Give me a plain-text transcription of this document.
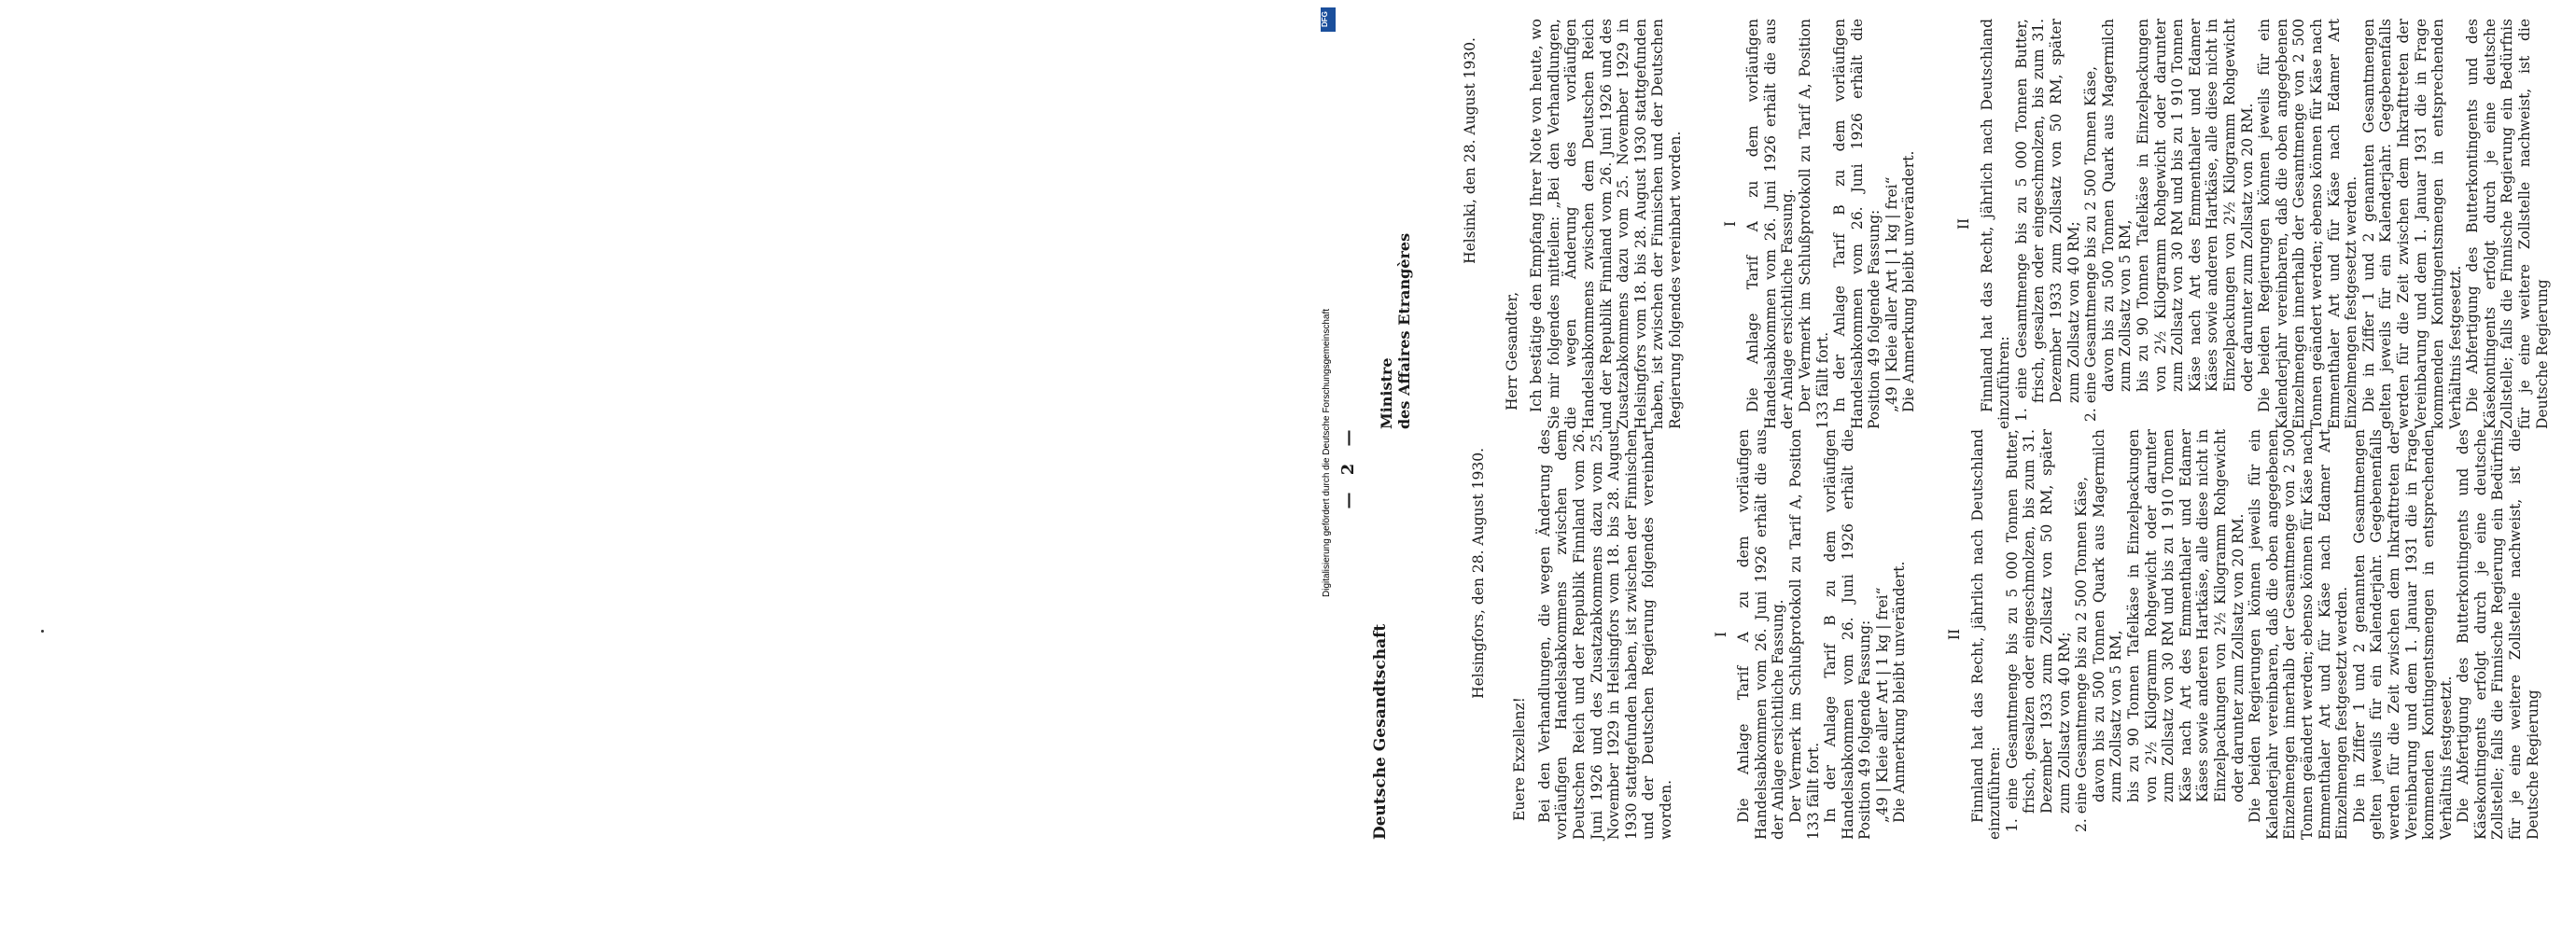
— 2 —
Deutsche Gesandtschaft
Helsingfors, den 28. August 1930.
Euere Exzellenz! Bei den Verhandlungen, die wegen Änderung des vorläufigen Handelsabkommens zwischen dem Deutschen Reich und der Republik Finnland vom 26. Juni 1926 und des Zusatzabkommens dazu vom 25. November 1929 in Helsingfors vom 18. bis 28. August 1930 stattgefunden haben, ist zwischen der Finnischen und der Deutschen Regierung folgendes vereinbart worden.

I Die Anlage Tarif A zu dem vorläufigen Handelsabkommen vom 26. Juni 1926 erhält die aus der Anlage ersichtliche Fassung. Der Vermerk im Schlußprotokoll zu Tarif A, Position 133 fällt fort. In der Anlage Tarif B zu dem vorläufigen Handelsabkommen vom 26. Juni 1926 erhält die Position 49 folgende Fassung: „49 | Kleie aller Art | 1 kg | frei“ Die Anmerkung bleibt unverändert.	II Finnland hat das Recht, jährlich nach Deutschland einzuführen: 1. eine Gesamtmenge bis zu 5 000 Tonnen Butter, frisch, gesalzen oder eingeschmolzen, bis zum 31. Dezember 1933 zum Zollsatz von 50 RM, später zum Zollsatz von 40 RM; 2. eine Gesamtmenge bis zu 2 500 Tonnen Käse, davon bis zu 500 Tonnen Quark aus Magermilch zum Zollsatz von 5 RM, bis zu 90 Tonnen Tafelkäse in Einzelpackungen von 2½ Kilogramm Rohgewicht oder darunter zum Zollsatz von 30 RM und bis zu 1 910 Tonnen Käse nach Art des Emmenthaler und Edamer Käses sowie anderen Hartkäse, alle diese nicht in Einzelpackungen von 2½ Kilogramm Rohgewicht oder darunter zum Zollsatz von 20 RM. Die beiden Regierungen können jeweils für ein Kalenderjahr vereinbaren, daß die oben angegebenen Einzelmengen innerhalb der Gesamtmenge von 2 500 Tonnen geändert werden; ebenso können für Käse nach Emmenthaler Art und für Käse nach Edamer Art Einzelmengen festgesetzt werden. Die in Ziffer 1 und 2 genannten Gesamtmengen gelten jeweils für ein Kalenderjahr. Gegebenenfalls werden für die Zeit zwischen dem Inkrafttreten der Vereinbarung und dem 1. Januar 1931 die in Frage kommenden Kontingentsmengen in entsprechenden Verhältnis festgesetzt. Die Abfertigung des Butterkontingents und des Käsekontingents erfolgt durch je eine deutsche Zollstelle; falls die Finnische Regierung ein Bedürfnis für je eine weitere Zollstelle nachweist, ist die Deutsche Regierung

Ministre des Affaires Etrangères
Helsinki, den 28. August 1930.
Herr Gesandter, Ich bestätige den Empfang Ihrer Note von heute, wo Sie mir folgendes mitteilen: „Bei den Verhandlungen, die wegen Änderung des vorläufigen Handelsabkommens zwischen dem Deutschen Reich und der Republik Finnland vom 26. Juni 1926 und des Zusatzabkommens dazu vom 25. November 1929 in Helsingfors vom 18. bis 28. August 1930 stattgefunden haben, ist zwischen der Finnischen und der Deutschen Regierung folgendes vereinbart worden.	I Die Anlage Tarif A zu dem vorläufigen Handelsabkommen vom 26. Juni 1926 erhält die aus der Anlage ersichtliche Fassung. Der Vermerk im Schlußprotokoll zu Tarif A, Position 133 fällt fort. In der Anlage Tarif B zu dem vorläufigen Handelsabkommen vom 26. Juni 1926 erhält die Position 49 folgende Fassung: „49 | Kleie aller Art | 1 kg | frei“ Die Anmerkung bleibt unverändert.	II Finnland hat das Recht, jährlich nach Deutschland einzuführen: 1. eine Gesamtmenge bis zu 5 000 Tonnen Butter, frisch, gesalzen oder eingeschmolzen, bis zum 31. Dezember 1933 zum Zollsatz von 50 RM, später zum Zollsatz von 40 RM; 2. eine Gesamtmenge bis zu 2 500 Tonnen Käse, davon bis zu 500 Tonnen Quark aus Magermilch zum Zollsatz von 5 RM, bis zu 90 Tonnen Tafelkäse in Einzelpackungen von 2½ Kilogramm Rohgewicht oder darunter zum Zollsatz von 30 RM und bis zu 1 910 Tonnen Käse nach Art des Emmenthaler und Edamer Käses sowie anderen Hartkäse, alle diese nicht in Einzelpackungen von 2½ Kilogramm Rohgewicht oder darunter zum Zollsatz von 20 RM. Die beiden Regierungen können jeweils für ein Kalenderjahr vereinbaren, daß die oben angegebenen Einzelmengen innerhalb der Gesamtmenge von 2 500 Tonnen geändert werden; ebenso können für Käse nach Emmenthaler Art und für Käse nach Edamer Art Einzelmengen festgesetzt werden. Die in Ziffer 1 und 2 genannten Gesamtmengen gelten jeweils für ein Kalenderjahr. Gegebenenfalls werden für die Zeit zwischen dem Inkrafttreten der Vereinbarung und dem 1. Januar 1931 die in Frage kommenden Kontingentsmengen in entsprechenden Verhältnis festgesetzt. Die Abfertigung des Butterkontingents und des Käsekontingents erfolgt durch je eine deutsche Zollstelle; falls die Finnische Regierung ein Bedürfnis für je eine weitere Zollstelle nachweist, ist die Deutsche Regierung

DFG
Digitalisierung gefördert durch die Deutsche Forschungsgemeinschaft
